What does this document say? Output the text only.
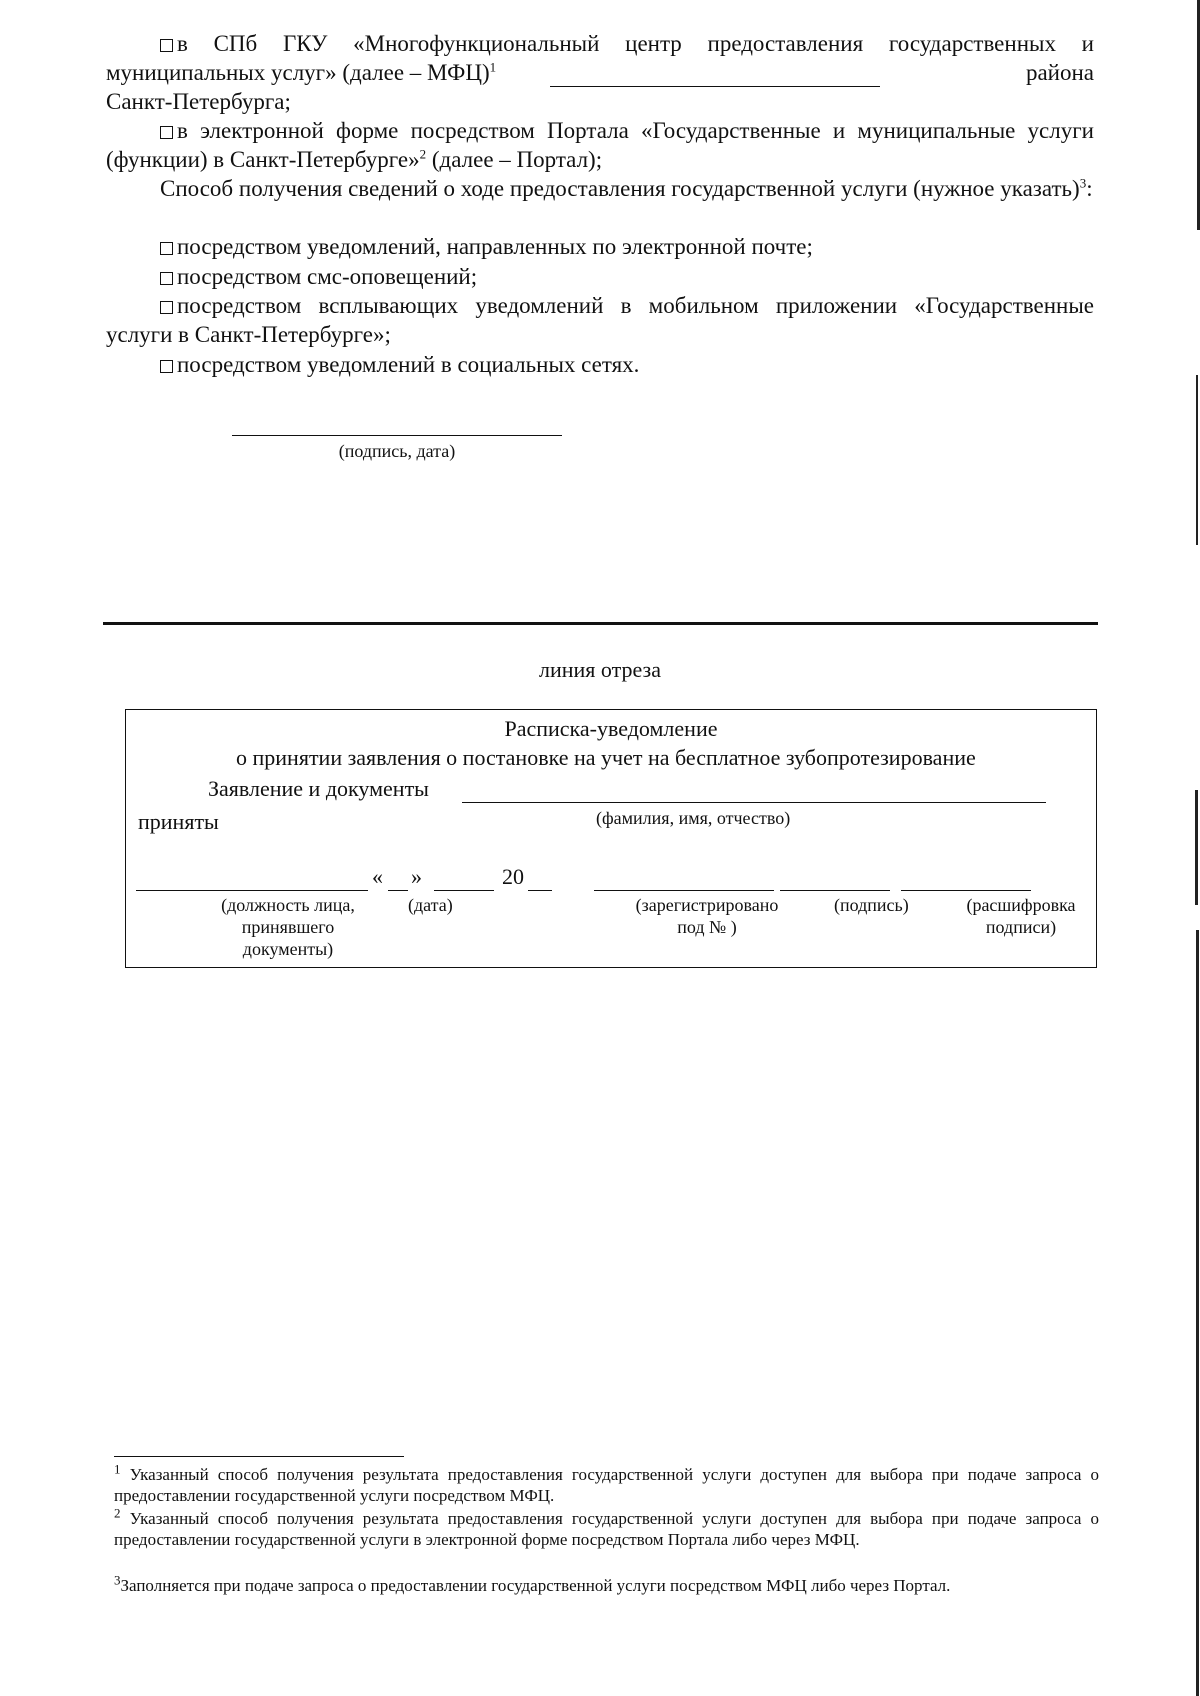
в СПб ГКУ «Многофункциональный центр предоставления государственных и муниципальных услуг» (далее – МФЦ)$^1$	района

Санкт-Петербурга;

в электронной форме посредством Портала «Государственные и муниципальные услуги (функции) в Санкт-Петербурге»$^2$ (далее – Портал);

Способ получения сведений о ходе предоставления государственной услуги (нужное указать)$^3$:

посредством уведомлений, направленных по электронной почте;

посредством смс-оповещений;

посредством всплывающих уведомлений в мобильном приложении «Государственные услуги в Санкт-Петербурге»;

посредством уведомлений в социальных сетях.

(подпись, дата)
линия отреза
Расписка-уведомление
о принятии заявления о постановке на учет на бесплатное зубопротезирование
Заявление и документы
приняты	(фамилия, имя, отчество)
« »	20
(должность лица, принявшего документы)
(дата)	(зарегистрировано под № )
(подпись)	(расшифровка подписи)

$^1$ Указанный способ получения результата предоставления государственной услуги доступен для выбора при подаче запроса о предоставлении государственной услуги посредством МФЦ.

$^2$ Указанный способ получения результата предоставления государственной услуги доступен для выбора при подаче запроса о предоставлении государственной услуги в электронной форме посредством Портала либо через МФЦ.

$^3$Заполняется при подаче запроса о предоставлении государственной услуги посредством МФЦ либо через Портал.
